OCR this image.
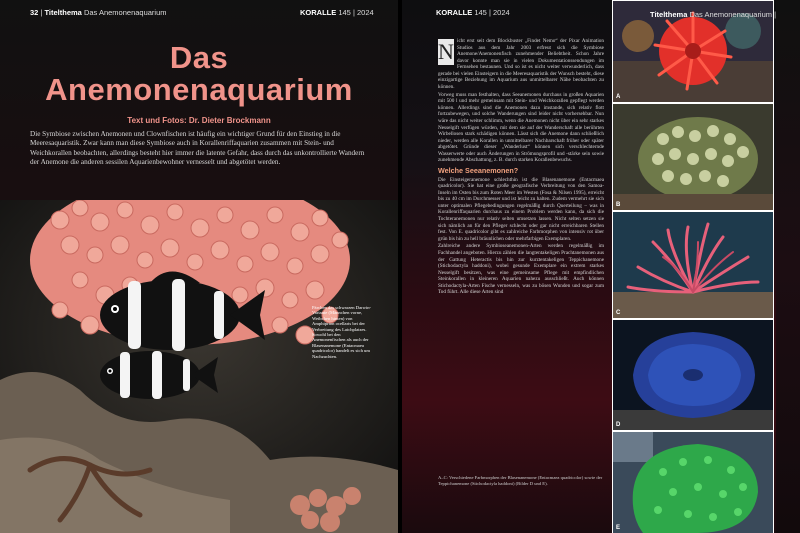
32 | Titelthema Das Anemonenaquarium	KORALLE 145 | 2024
Das
Anemonenaquarium
Text und Fotos: Dr. Dieter Brockmann

Die Symbiose zwischen Anemonen und Clownfischen ist häufig ein wichtiger Grund für den Einstieg in die Meeresaquaristik. Zwar kann man diese Symbiose auch in Korallenriffaquarien zusammen mit Stein- und Weichkorallen beobachten, allerdings besteht hier immer die latente Gefahr, dass durch das unkontrollierte Wandern der Anemone die anderen sessilen Aquarienbewohner vernesselt und abgetötet werden.

Pärchen des schwarzen Darwin-Variante (Männchen vorne, Weibchen hinten) von Amphiprion ocellaris bei der Verbreitung des Laichplatzes. Sowohl bei den Anemonenfischen als auch der Blasenanemone (Entacmaea quadricolor) handelt es sich um Nachzuchten.

KORALLE 145 | 2024

N icht erst seit dem Blockbuster „Findet Nemo“ der Pixar Animation Studios aus dem Jahr 2003 erfreut sich die Symbiose Anemone/Anemonenfisch zunehmender Beliebtheit. Schon Jahre davor konnte man sie in vielen Dokumentationssendungen im Fernsehen bestaunen. Und so ist es nicht weiter verwunderlich, dass gerade bei vielen Einsteigern in die Meeresaquaristik der Wunsch besteht, diese einzigartige Beziehung im Aquarium aus unmittelbarer Nähe beobachten zu können.

Vorweg muss man festhalten, dass Seeanemonen durchaus in großen Aquarien mit 500 l und mehr gemeinsam mit Stein- und Weichkorallen gepflegt werden können. Allerdings sind die Anemonen dazu imstande, sich relativ flott fortzubewegen, und solche Wanderungen sind leider nicht vorhersehbar. Nun wäre das nicht weiter schlimm, wenn die Anemonen nicht über ein sehr starkes Nesselgift verfügen würden, mit dem sie auf der Wanderschaft alle berührten Wirbellosen stark schädigen können. Lässt sich die Anemone dann schließlich nieder, werden alle Korallen in unmittelbarer Nachbarschaft früher oder später abgetötet. Gründe dieser „Wanderlust“ können sich verschlechternde Wasserwerte oder auch Änderungen in Strömungsprofil und -stärke sein sowie zunehmende Abschattung, z. B. durch starken Korallenbewuchs.

Welche Seeanemonen?

Die Einsteigeranemone schlechthin ist die Blasenanemone (Entacmaea quadricolor). Sie hat eine große geografische Verbreitung von den Samoa-Inseln im Osten bis zum Roten Meer im Westen (Fosa & Nilsen 1995), erreicht bis zu 40 cm im Durchmesser und ist leicht zu halten. Zudem vermehrt sie sich unter optimalen Pflegebedingungen regelmäßig durch Querteilung – was in Korallenriffaquarien durchaus zu einem Problem werden kann, da sich die Tochteranemonen nur relativ selten umsetzen lassen. Nicht selten setzen sie sich nämlich an für den Pfleger schlecht oder gar nicht erreichbaren Stellen fest. Von E. quadricolor gibt es zahlreiche Farbmorphen von intensiv rot über grün bis hin zu hell bräunlichen oder mehrfarbigen Exemplaren.

Zahlreiche andere Symbioseanemonen-Arten werden regelmäßig im Fachhandel angeboten. Hierzu zählen die langtentakeligen Prachtanemonen aus der Gattung Heteractis bis hin zur kurztentakeligen Teppichanemone (Stichodactyla haddoni), wobei gesunde Exemplare ein extrem starkes Nesselgift besitzen, was eine gemeinsame Pflege mit empfindlichen Steinkorallen in kleineren Aquarien nahezu ausschließt. Auch können Stichodactyla-Arten Fische vernesseln, was zu bösen Wunden und sogar zum Tod führt. Alle diese Arten sind

A–C: Verschiedene Farbmorphen der Blasenanemone (Entacmaea quadricolor) sowie der Teppichanemone (Stichodactyla haddoni) (Bilder D und E).

A
B
C
D
E
Titelthema Das Anemonenaquarium
